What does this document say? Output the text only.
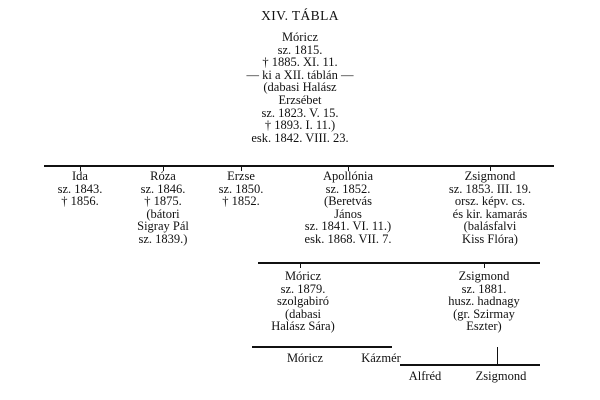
XIV. TÁBLA
Móricz
sz. 1815.
† 1885. XI. 11.
— ki a XII. táblán —
(dabasi Halász
Erzsébet
sz. 1823. V. 15.
† 1893. I. 11.)
esk. 1842. VIII. 23.
Ida
sz. 1843.
† 1856.
Róza
sz. 1846.
† 1875.
(bátori
Sigray Pál
sz. 1839.)
Erzse
sz. 1850.
† 1852.
Apollónia
sz. 1852.
(Beretvás
János
sz. 1841. VI. 11.)
esk. 1868. VII. 7.
Zsigmond
sz. 1853. III. 19.
orsz. képv. cs.
és kir. kamarás
(balásfalvi
Kiss Flóra)
Móricz
sz. 1879.
szolgabiró
(dabasi
Halász Sára)
Zsigmond
sz. 1881.
husz. hadnagy
(gr. Szirmay
Eszter)
Móricz	Kázmér
Alfréd	Zsigmond
